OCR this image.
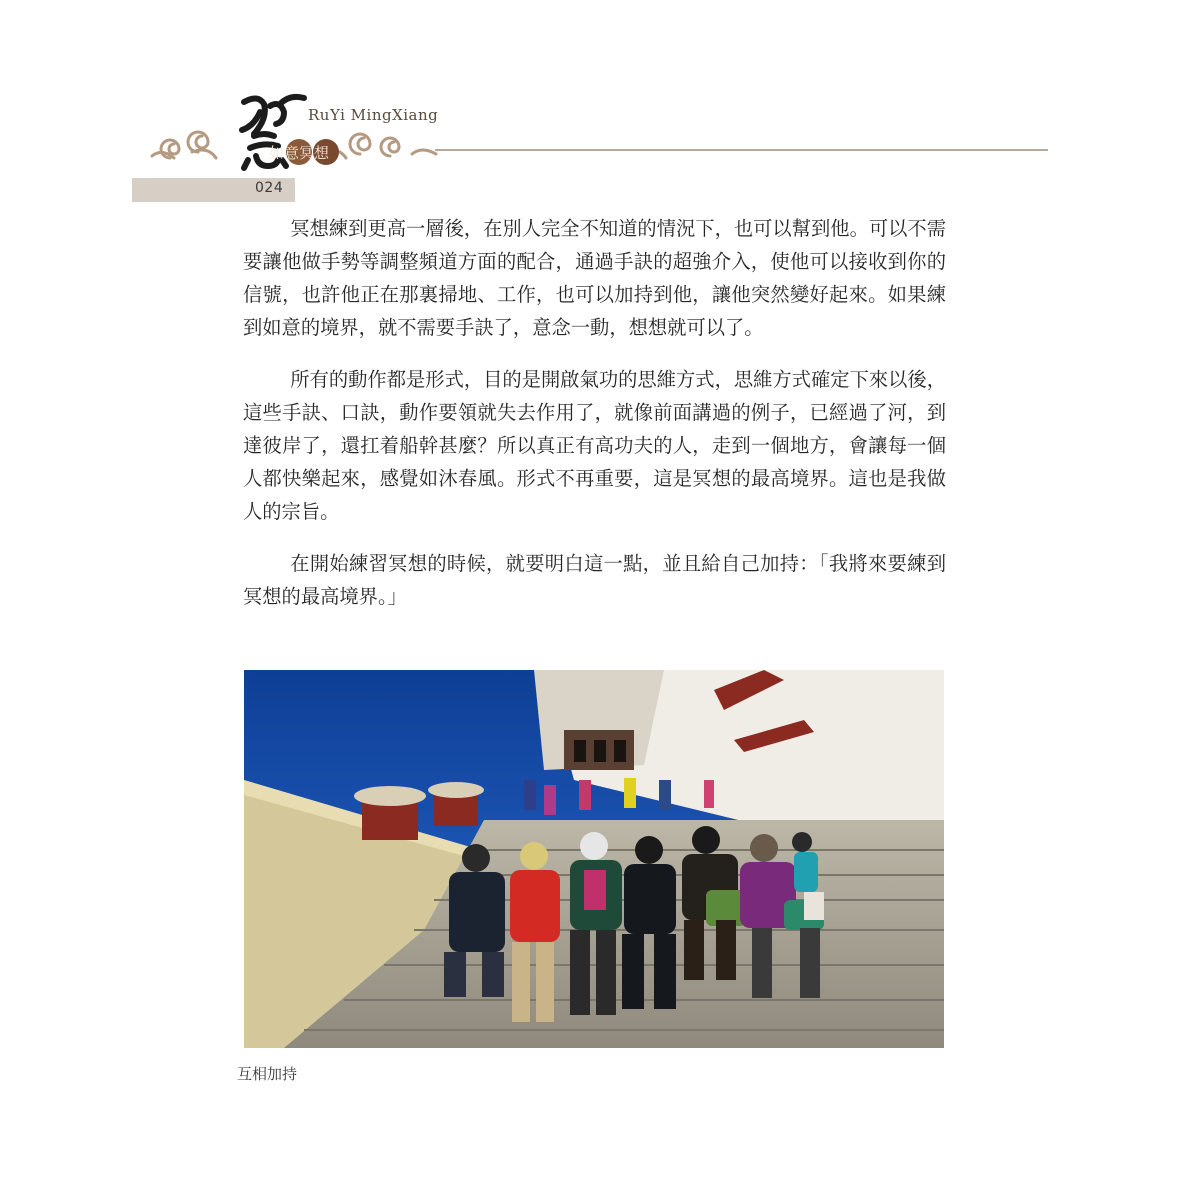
如意冥想
RuYi MingXiang
024

冥想練到更高一層後，在別人完全不知道的情況下，也可以幫到他。可以不需要讓他做手勢等調整頻道方面的配合，通過手訣的超強介入，使他可以接收到你的信號，也許他正在那裏掃地、工作，也可以加持到他，讓他突然變好起來。如果練到如意的境界，就不需要手訣了，意念一動，想想就可以了。

所有的動作都是形式，目的是開啟氣功的思維方式，思維方式確定下來以後，這些手訣、口訣，動作要領就失去作用了，就像前面講過的例子，已經過了河，到達彼岸了，還扛着船幹甚麼？所以真正有高功夫的人，走到一個地方，會讓每一個人都快樂起來，感覺如沐春風。形式不再重要，這是冥想的最高境界。這也是我做人的宗旨。

在開始練習冥想的時候，就要明白這一點，並且給自己加持：「我將來要練到冥想的最高境界。」

互相加持
